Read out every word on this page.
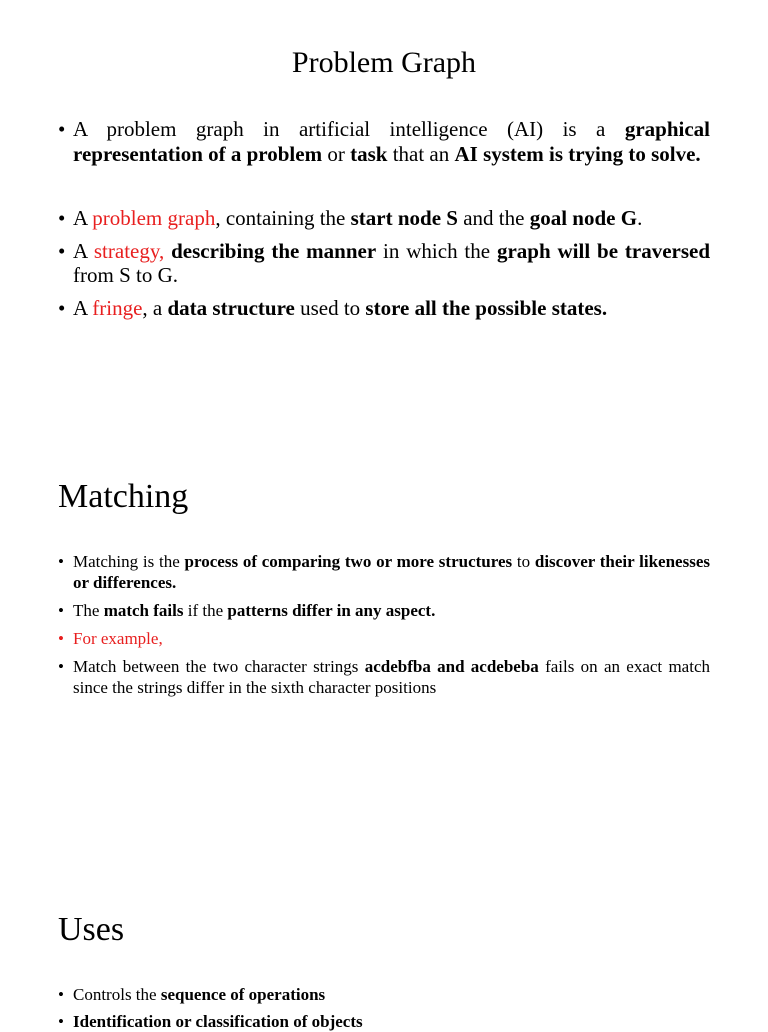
Problem Graph
• A problem graph in artificial intelligence (AI) is a graphical representation of a problem or task that an AI system is trying to solve.
• A problem graph, containing the start node S and the goal node G.
• A strategy, describing the manner in which the graph will be traversed from S to G.
• A fringe, a data structure used to store all the possible states.
Matching
• Matching is the process of comparing two or more structures to discover their likenesses or differences.
• The match fails if the patterns differ in any aspect.
• For example,
• Match between the two character strings acdebfba and acdebeba fails on an exact match since the strings differ in the sixth character positions
Uses
• Controls the sequence of operations
• Identification or classification of objects
